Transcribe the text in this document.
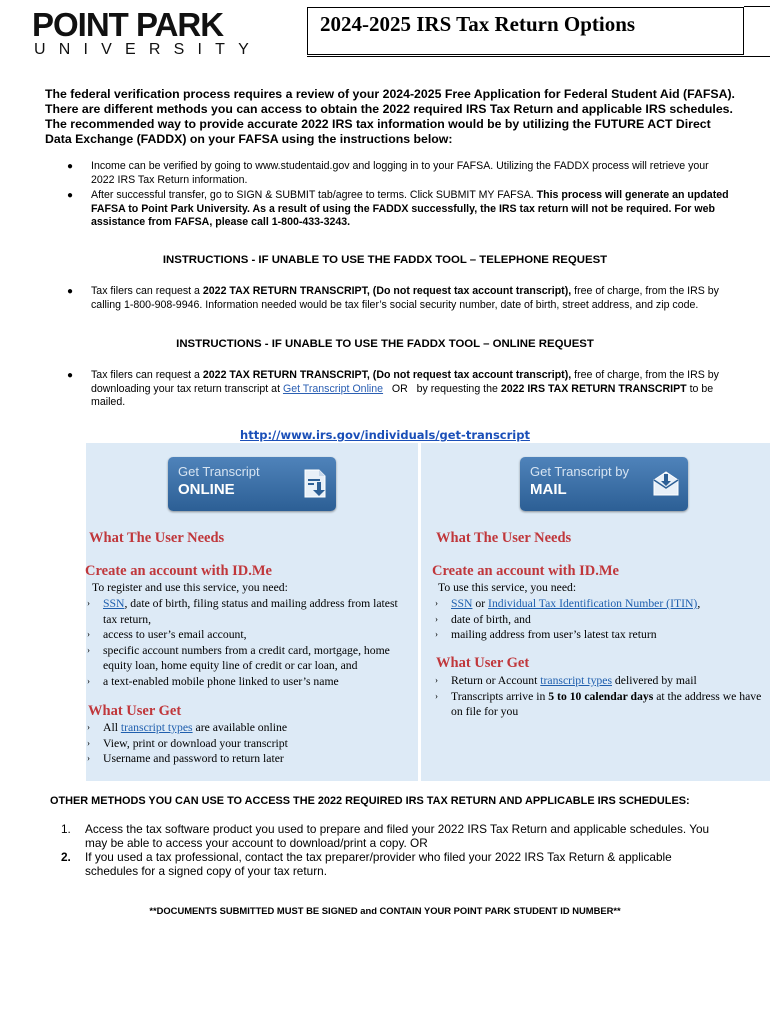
POINT PARK
UNIVERSITY
2024-2025 IRS Tax Return Options
The federal verification process requires a review of your 2024-2025 Free Application for Federal Student Aid (FAFSA). There are different methods you can access to obtain the 2022 required IRS Tax Return and applicable IRS schedules. The recommended way to provide accurate 2022 IRS tax information would be by utilizing the FUTURE ACT Direct Data Exchange (FADDX) on your FAFSA using the instructions below:
● Income can be verified by going to www.studentaid.gov and logging in to your FAFSA. Utilizing the FADDX process will retrieve your 2022 IRS Tax Return information.
● After successful transfer, go to SIGN & SUBMIT tab/agree to terms. Click SUBMIT MY FAFSA. This process will generate an updated FAFSA to Point Park University. As a result of using the FADDX successfully, the IRS tax return will not be required. For web assistance from FAFSA, please call 1-800-433-3243.
INSTRUCTIONS - IF UNABLE TO USE THE FADDX TOOL – TELEPHONE REQUEST
● Tax filers can request a 2022 TAX RETURN TRANSCRIPT, (Do not request tax account transcript), free of charge, from the IRS by calling 1-800-908-9946. Information needed would be tax filer’s social security number, date of birth, street address, and zip code.
INSTRUCTIONS - IF UNABLE TO USE THE FADDX TOOL – ONLINE REQUEST
● Tax filers can request a 2022 TAX RETURN TRANSCRIPT, (Do not request tax account transcript), free of charge, from the IRS by downloading your tax return transcript at Get Transcript Online   OR   by requesting the 2022 IRS TAX RETURN TRANSCRIPT to be mailed.
http://www.irs.gov/individuals/get-transcript
Get Transcript
ONLINE
What The User Needs
Create an account with ID.Me
To register and use this service, you need:
› SSN, date of birth, filing status and mailing address from latest tax return,
› access to user’s email account,
› specific account numbers from a credit card, mortgage, home equity loan, home equity line of credit or car loan, and
› a text-enabled mobile phone linked to user’s name
What User Get
› All transcript types are available online
› View, print or download your transcript
› Username and password to return later
Get Transcript by
MAIL
What The User Needs
Create an account with ID.Me
To use this service, you need:
› SSN or Individual Tax Identification Number (ITIN),
› date of birth, and
› mailing address from user’s latest tax return
What User Get
› Return or Account transcript types delivered by mail
› Transcripts arrive in 5 to 10 calendar days at the address we have on file for you
OTHER METHODS YOU CAN USE TO ACCESS THE 2022 REQUIRED IRS TAX RETURN AND APPLICABLE IRS SCHEDULES:
1. Access the tax software product you used to prepare and filed your 2022 IRS Tax Return and applicable schedules. You may be able to access your account to download/print a copy. OR
2. If you used a tax professional, contact the tax preparer/provider who filed your 2022 IRS Tax Return & applicable schedules for a signed copy of your tax return.
**DOCUMENTS SUBMITTED MUST BE SIGNED and CONTAIN YOUR POINT PARK STUDENT ID NUMBER**
